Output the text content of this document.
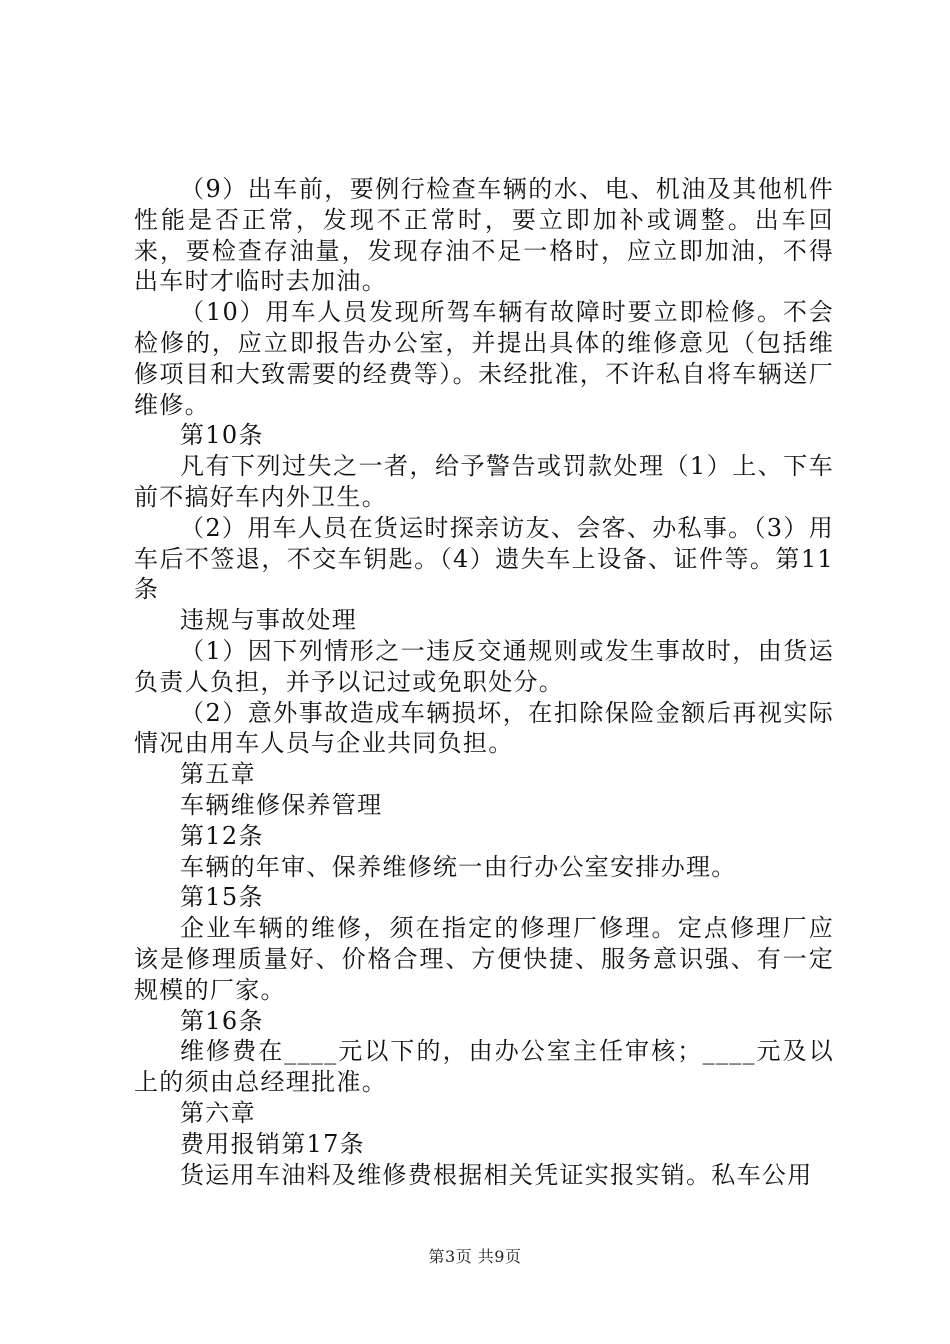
（9）出车前，要例行检查车辆的水、电、机油及其他机件性能是否正常，发现不正常时，要立即加补或调整。出车回来，要检查存油量，发现存油不足一格时，应立即加油，不得出车时才临时去加油。

（10）用车人员发现所驾车辆有故障时要立即检修。不会检修的，应立即报告办公室，并提出具体的维修意见（包括维修项目和大致需要的经费等）。未经批准，不许私自将车辆送厂维修。

第10条

凡有下列过失之一者，给予警告或罚款处理（1）上、下车前不搞好车内外卫生。

（2）用车人员在货运时探亲访友、会客、办私事。（3）用车后不签退，不交车钥匙。（4）遗失车上设备、证件等。第11条

违规与事故处理

（1）因下列情形之一违反交通规则或发生事故时，由货运负责人负担，并予以记过或免职处分。

（2）意外事故造成车辆损坏，在扣除保险金额后再视实际情况由用车人员与企业共同负担。

第五章

车辆维修保养管理

第12条

车辆的年审、保养维修统一由行办公室安排办理。

第15条

企业车辆的维修，须在指定的修理厂修理。定点修理厂应该是修理质量好、价格合理、方便快捷、服务意识强、有一定规模的厂家。

第16条

维修费在____元以下的，由办公室主任审核；____元及以上的须由总经理批准。

第六章

费用报销第17条

货运用车油料及维修费根据相关凭证实报实销。私车公用

第3页 共9页
